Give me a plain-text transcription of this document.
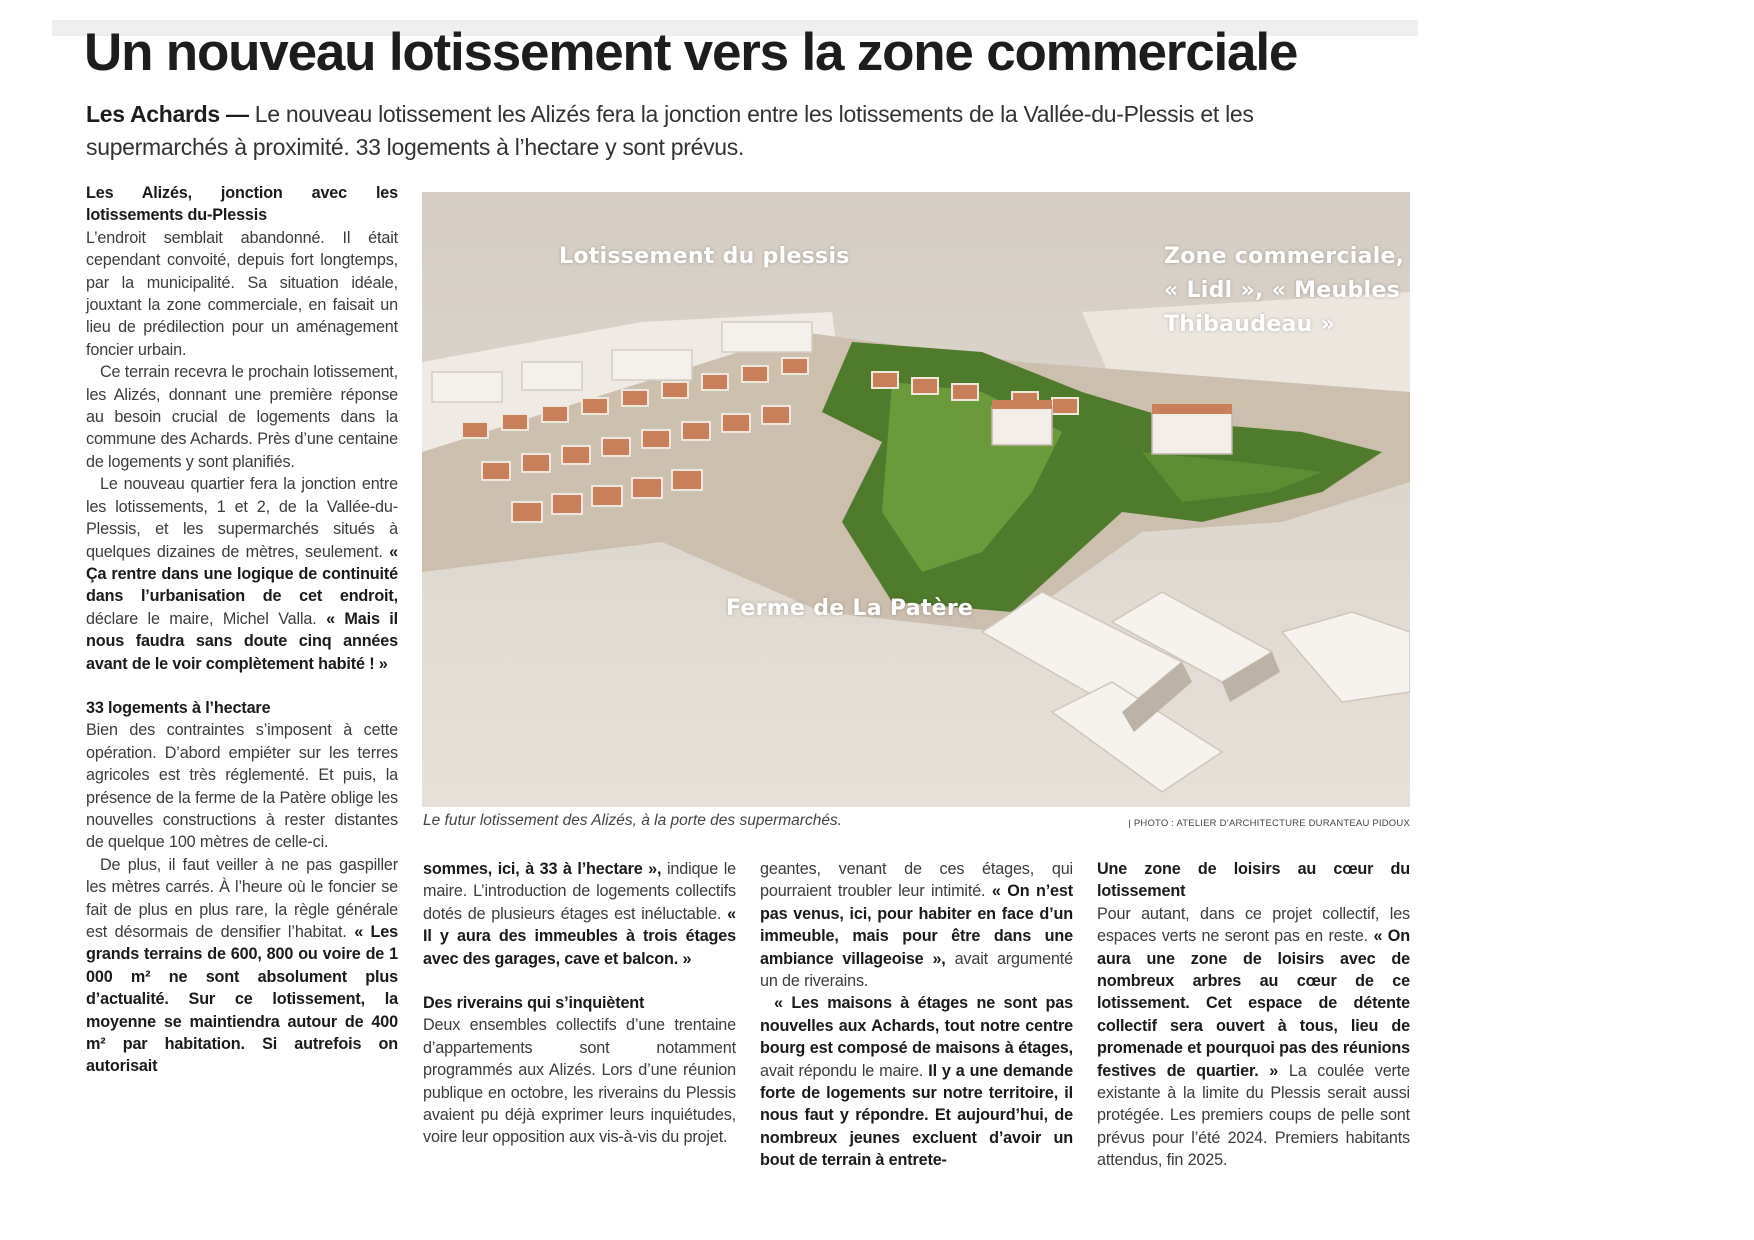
Un nouveau lotissement vers la zone commerciale

Les Achards — Le nouveau lotissement les Alizés fera la jonction entre les lotissements de la Vallée-du-Plessis et les supermarchés à proximité. 33 logements à l’hectare y sont prévus.

Les Alizés, jonction avec les lotissements du-Plessis

L’endroit semblait abandonné. Il était cependant convoité, depuis fort longtemps, par la municipalité. Sa situation idéale, jouxtant la zone commerciale, en faisait un lieu de prédilection pour un aménagement foncier urbain.

Ce terrain recevra le prochain lotissement, les Alizés, donnant une première réponse au besoin crucial de logements dans la commune des Achards. Près d’une centaine de logements y sont planifiés.

Le nouveau quartier fera la jonction entre les lotissements, 1 et 2, de la Vallée-du-Plessis, et les supermarchés situés à quelques dizaines de mètres, seulement. « Ça rentre dans une logique de continuité dans l’urbanisation de cet endroit, déclare le maire, Michel Valla. « Mais il nous faudra sans doute cinq années avant de le voir complètement habité ! »

33 logements à l’hectare

Bien des contraintes s’imposent à cette opération. D’abord empiéter sur les terres agricoles est très réglementé. Et puis, la présence de la ferme de la Patère oblige les nouvelles constructions à rester distantes de quelque 100 mètres de celle-ci.

De plus, il faut veiller à ne pas gaspiller les mètres carrés. À l’heure où le foncier se fait de plus en plus rare, la règle générale est désormais de densifier l’habitat. « Les grands terrains de 600, 800 ou voire de 1 000 m² ne sont absolument plus d’actualité. Sur ce lotissement, la moyenne se maintiendra autour de 400 m² par habitation. Si autrefois on autorisait

Lotissement du plessis	Zone commerciale,
« Lidl », « Meubles
Thibaudeau »
Ferme de La Patère
Le futur lotissement des Alizés, à la porte des supermarchés.	| PHOTO : ATELIER D’ARCHITECTURE DURANTEAU PIDOUX

sommes, ici, à 33 à l’hectare », indique le maire. L’introduction de logements collectifs dotés de plusieurs étages est inéluctable. « Il y aura des immeubles à trois étages avec des garages, cave et balcon. »

Des riverains qui s’inquiètent

Deux ensembles collectifs d’une trentaine d’appartements sont notamment programmés aux Alizés. Lors d’une réunion publique en octobre, les riverains du Plessis avaient pu déjà exprimer leurs inquiétudes, voire leur opposition aux vis-à-vis du projet.

geantes, venant de ces étages, qui pourraient troubler leur intimité. « On n’est pas venus, ici, pour habiter en face d’un immeuble, mais pour être dans une ambiance villageoise », avait argumenté un de riverains.

« Les maisons à étages ne sont pas nouvelles aux Achards, tout notre centre bourg est composé de maisons à étages, avait répondu le maire. Il y a une demande forte de logements sur notre territoire, il nous faut y répondre. Et aujourd’hui, de nombreux jeunes excluent d’avoir un bout de terrain à entrete-

Une zone de loisirs au cœur du lotissement

Pour autant, dans ce projet collectif, les espaces verts ne seront pas en reste. « On aura une zone de loisirs avec de nombreux arbres au cœur de ce lotissement. Cet espace de détente collectif sera ouvert à tous, lieu de promenade et pourquoi pas des réunions festives de quartier. » La coulée verte existante à la limite du Plessis serait aussi protégée. Les premiers coups de pelle sont prévus pour l’été 2024. Premiers habitants attendus, fin 2025.
